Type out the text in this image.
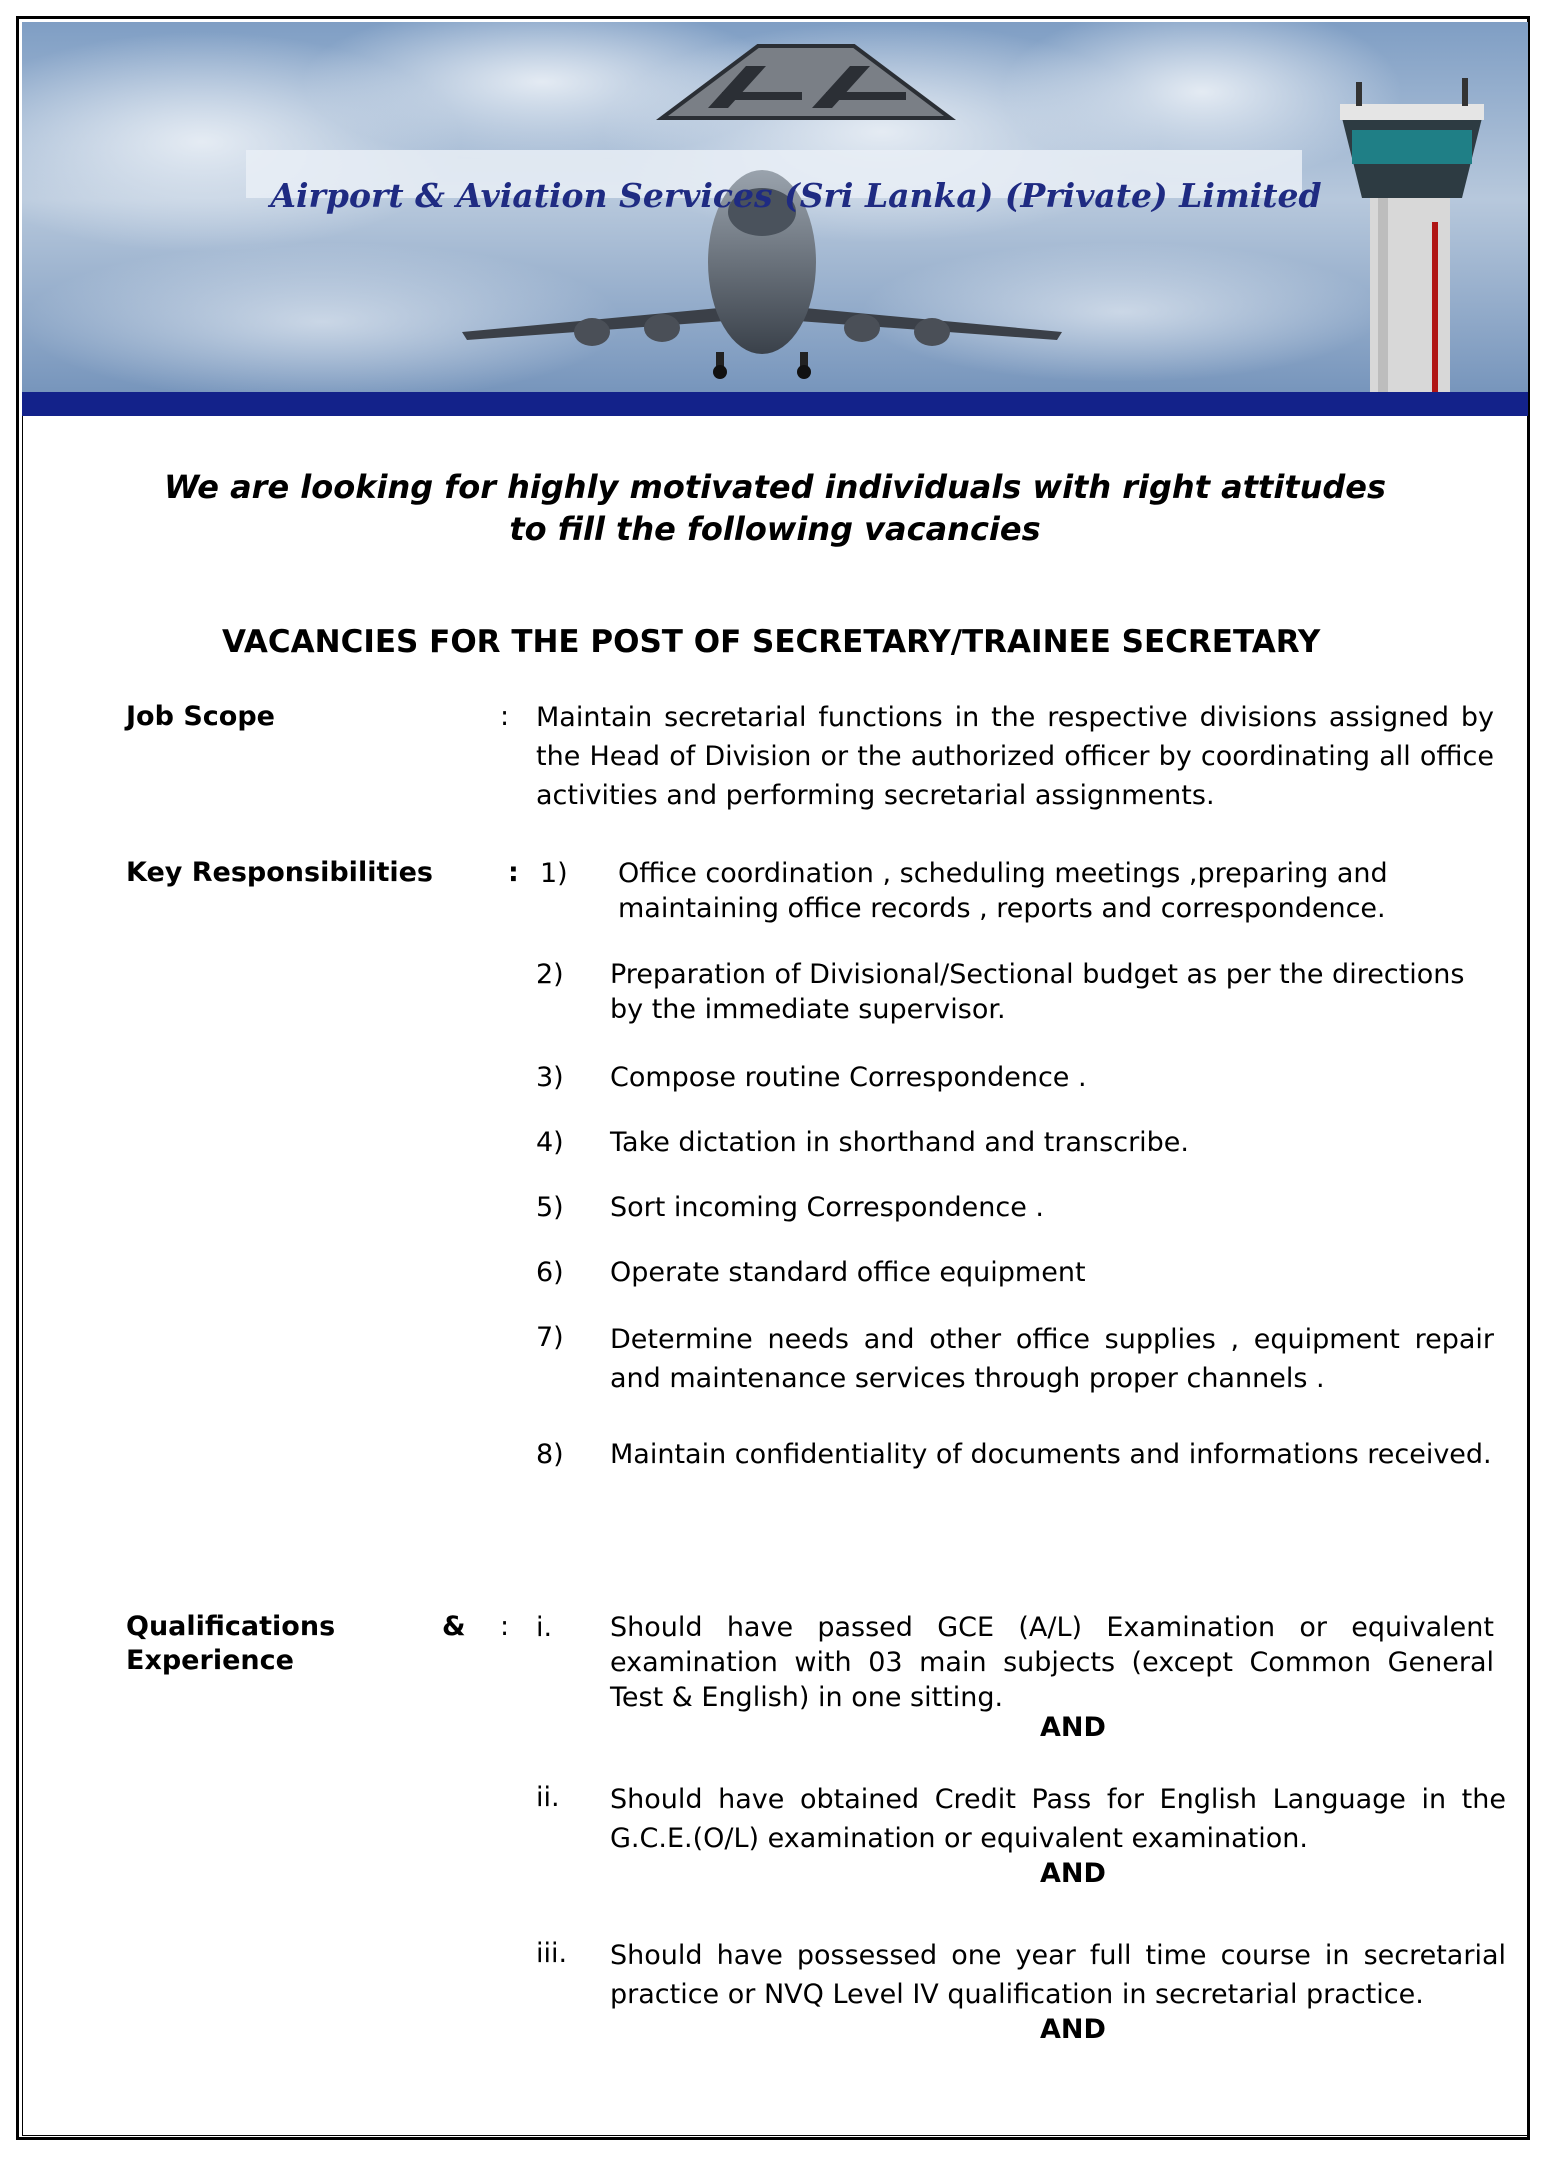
Airport & Aviation Services (Sri Lanka) (Private) Limited
We are looking for highly motivated individuals with right attitudes
to fill the following vacancies
VACANCIES FOR THE POST OF SECRETARY/TRAINEE SECRETARY
Job Scope	: Maintain secretarial functions in the respective divisions assigned by the Head of Division or the authorized officer by coordinating all office activities and performing secretarial assignments.
Key Responsibilities	: 1) Office coordination , scheduling meetings ,preparing and maintaining office records , reports and correspondence.
2) Preparation of Divisional/Sectional budget as per the directions by the immediate supervisor.
3) Compose routine Correspondence .
4) Take dictation in shorthand and transcribe.
5) Sort incoming Correspondence .
6) Operate standard office equipment
7) Determine needs and other office supplies , equipment repair and maintenance services through proper channels .
8) Maintain confidentiality of documents and informations received.
Qualifications	&
Experience
: i. Should have passed GCE (A/L) Examination or equivalent examination with 03 main subjects (except Common General Test & English) in one sitting.
AND
ii. Should have obtained Credit Pass for English Language in the G.C.E.(O/L) examination or equivalent examination.
AND
iii. Should have possessed one year full time course in secretarial practice or NVQ Level IV qualification in secretarial practice.
AND
